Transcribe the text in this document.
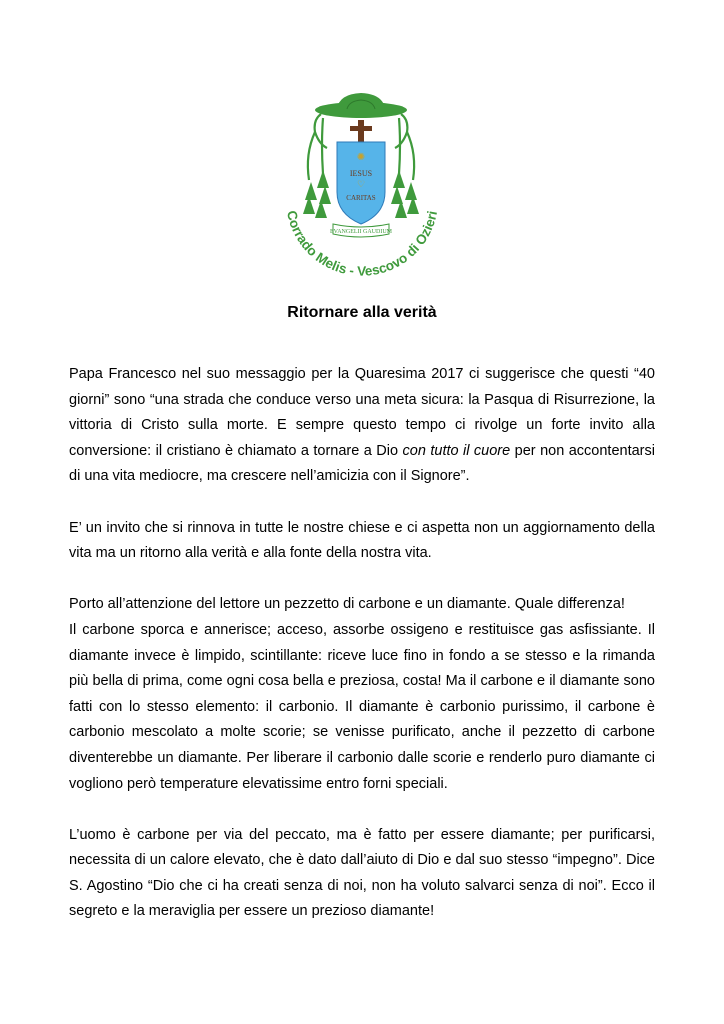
✺
IESUS
♡
CARITAS
EVANGELII GAUDIUM
Corrado Melis - Vescovo di Ozieri
Ritornare alla verità

Papa Francesco nel suo messaggio per la Quaresima 2017 ci suggerisce che questi “40 giorni” sono “una strada che conduce verso una meta sicura: la Pasqua di Risurrezione, la vittoria di Cristo sulla morte. E sempre questo tempo ci rivolge un forte invito alla conversione: il cristiano è chiamato a tornare a Dio con tutto il cuore per non accontentarsi di una vita mediocre, ma crescere nell’amicizia con il Signore”.

E’ un invito che si rinnova in tutte le nostre chiese e ci aspetta non un aggiornamento della vita ma un ritorno alla verità e alla fonte della nostra vita.

Porto all’attenzione del lettore un pezzetto di carbone e un diamante. Quale differenza!

Il carbone sporca e annerisce; acceso, assorbe ossigeno e restituisce gas asfissiante. Il diamante invece è limpido, scintillante: riceve luce fino in fondo a se stesso e la rimanda più bella di prima, come ogni cosa bella e preziosa, costa! Ma il carbone e il diamante sono fatti con lo stesso elemento: il carbonio. Il diamante è carbonio purissimo, il carbone è carbonio mescolato a molte scorie; se venisse purificato, anche il pezzetto di carbone diventerebbe un diamante. Per liberare il carbonio dalle scorie e renderlo puro diamante ci vogliono però temperature elevatissime entro forni speciali.

L’uomo è carbone per via del peccato, ma è fatto per essere diamante; per purificarsi, necessita di un calore elevato, che è dato dall’aiuto di Dio e dal suo stesso “impegno”. Dice S. Agostino “Dio che ci ha creati senza di noi, non ha voluto salvarci senza di noi”. Ecco il segreto e la meraviglia per essere un prezioso diamante!
